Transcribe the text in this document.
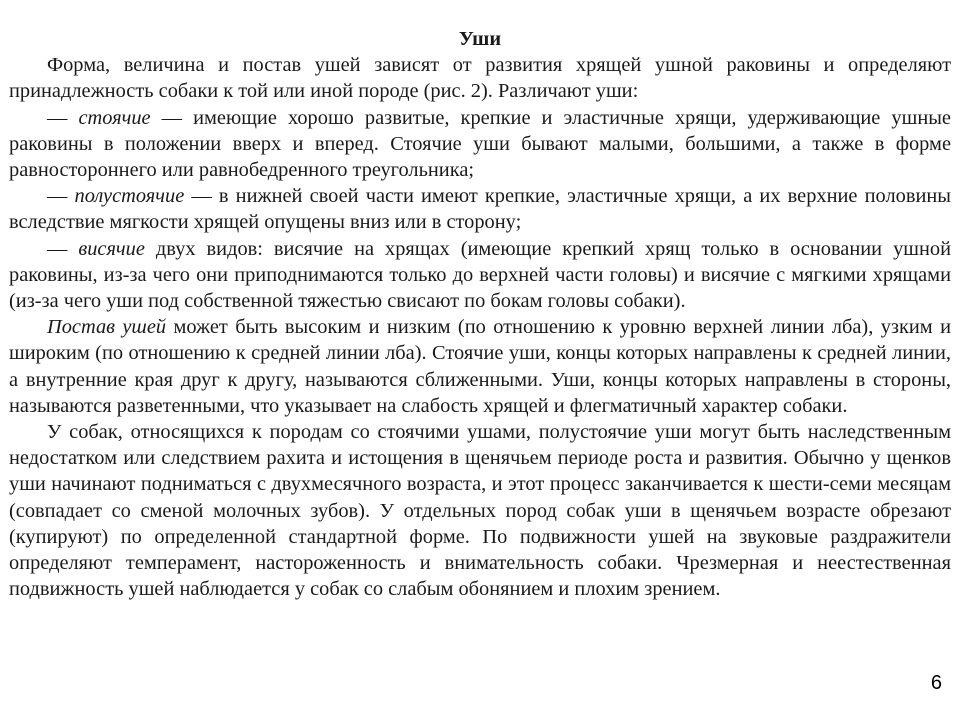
Уши

Форма, величина и постав ушей зависят от развития хрящей ушной раковины и определяют принадлежность собаки к той или иной породе (рис. 2). Различают уши:

— стоячие — имеющие хорошо развитые, крепкие и эластичные хрящи, удерживающие ушные раковины в положении вверх и вперед. Стоячие уши бывают малыми, большими, а также в форме равностороннего или равнобедренного треугольника;

— полустоячие — в нижней своей части имеют крепкие, эластичные хрящи, а их верхние половины вследствие мягкости хрящей опущены вниз или в сторону;

— висячие двух видов: висячие на хрящах (имеющие крепкий хрящ только в основании ушной раковины, из-за чего они приподнимаются только до верхней части головы) и висячие с мягкими хрящами (из-за чего уши под собственной тяжестью свисают по бокам головы собаки).

Постав ушей может быть высоким и низким (по отношению к уровню верхней линии лба), узким и широким (по отношению к средней линии лба). Стоячие уши, концы которых направлены к средней линии, а внутренние края друг к другу, называются сближенными. Уши, концы которых направлены в стороны, называются разветенными, что указывает на слабость хрящей и флегматичный характер собаки.

У собак, относящихся к породам со стоячими ушами, полустоячие уши могут быть наследственным недостатком или следствием рахита и истощения в щенячьем периоде роста и развития. Обычно у щенков уши начинают подниматься с двухмесячного возраста, и этот процесс заканчивается к шести-семи месяцам (совпадает со сменой молочных зубов). У отдельных пород собак уши в щенячьем возрасте обрезают (купируют) по определенной стандартной форме. По подвижности ушей на звуковые раздражители определяют темперамент, настороженность и внимательность собаки. Чрезмерная и неестественная подвижность ушей наблюдается у собак со слабым обонянием и плохим зрением.

6
